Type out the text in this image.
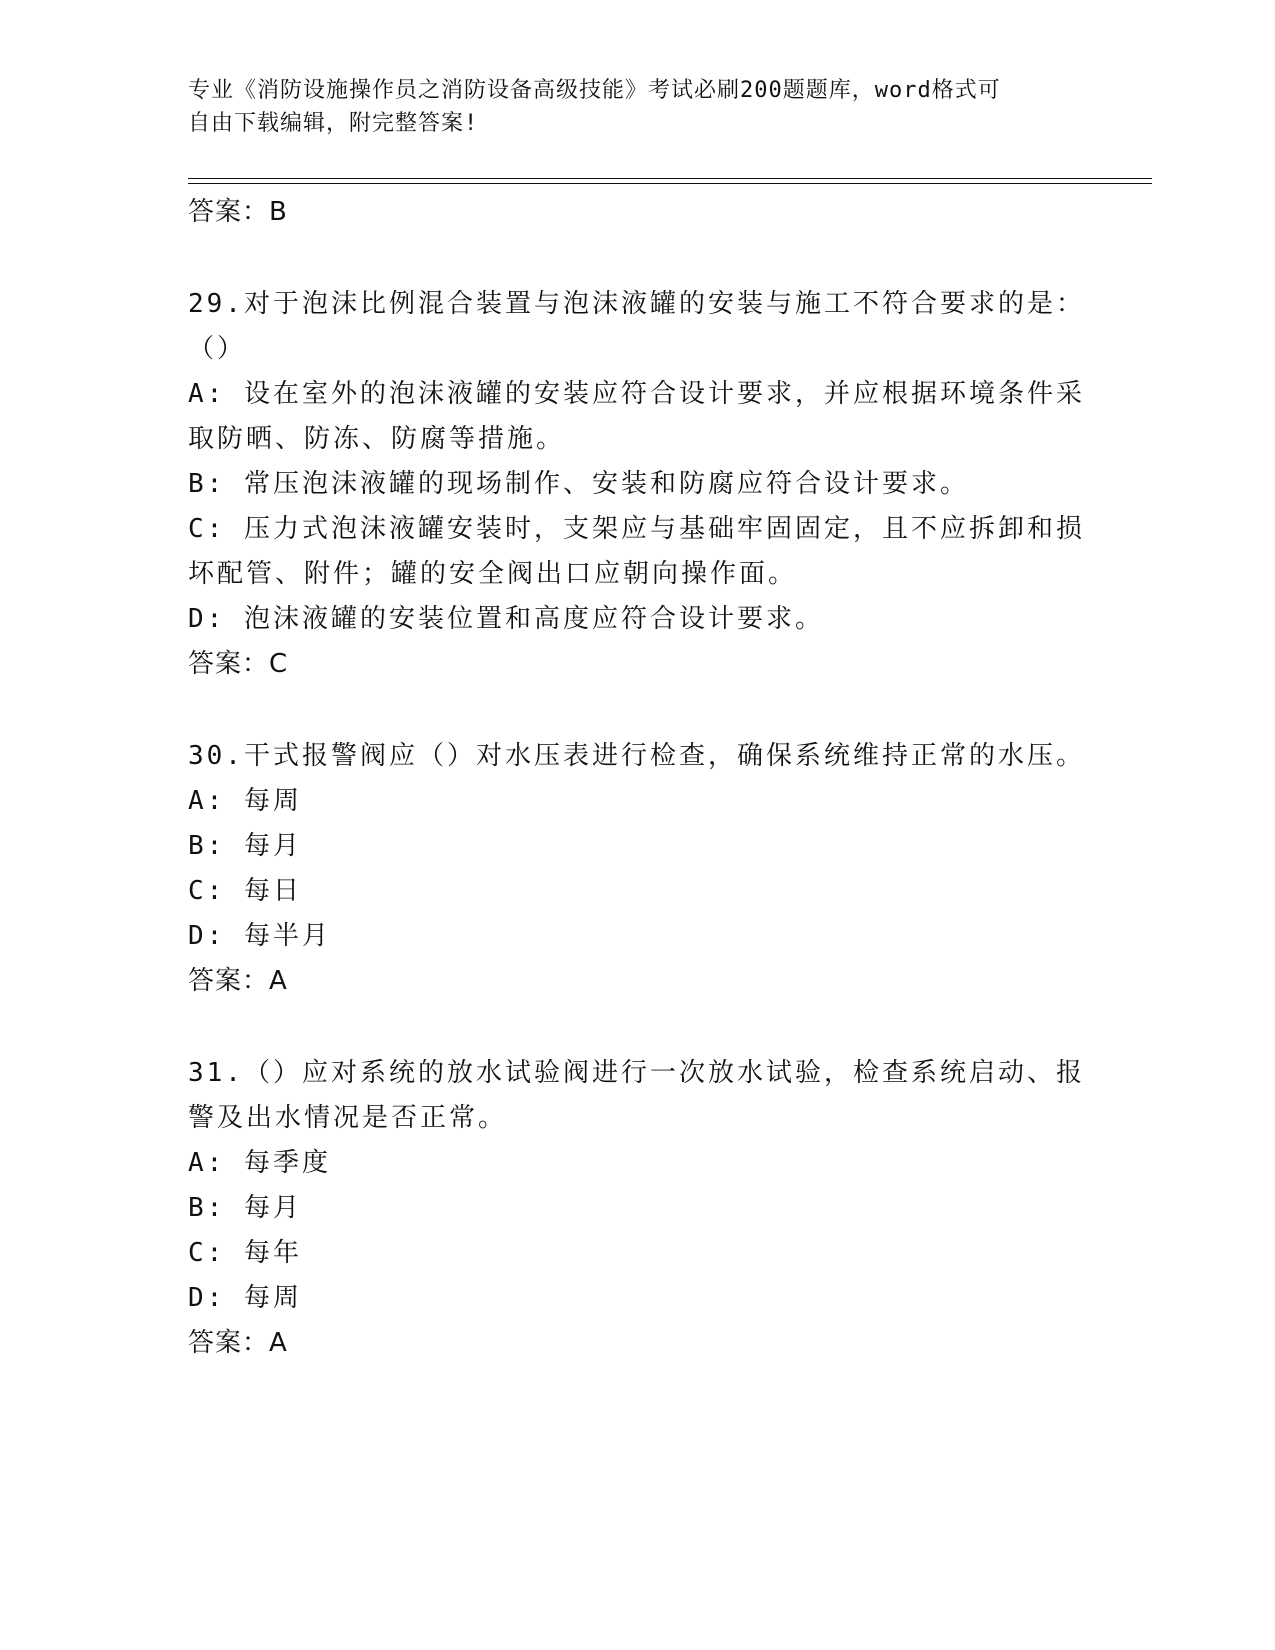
专业《消防设施操作员之消防设备高级技能》考试必刷200题题库，word格式可
自由下载编辑，附完整答案!
答案：B
29.对于泡沫比例混合装置与泡沫液罐的安装与施工不符合要求的是：
（）
A: 设在室外的泡沫液罐的安装应符合设计要求，并应根据环境条件采
取防晒、防冻、防腐等措施。
B: 常压泡沫液罐的现场制作、安装和防腐应符合设计要求。
C: 压力式泡沫液罐安装时，支架应与基础牢固固定，且不应拆卸和损
坏配管、附件；罐的安全阀出口应朝向操作面。
D: 泡沫液罐的安装位置和高度应符合设计要求。
答案：C
30.干式报警阀应（）对水压表进行检查，确保系统维持正常的水压。
A: 每周
B: 每月
C: 每日
D: 每半月
答案：A
31.（）应对系统的放水试验阀进行一次放水试验，检查系统启动、报
警及出水情况是否正常。
A: 每季度
B: 每月
C: 每年
D: 每周
答案：A
